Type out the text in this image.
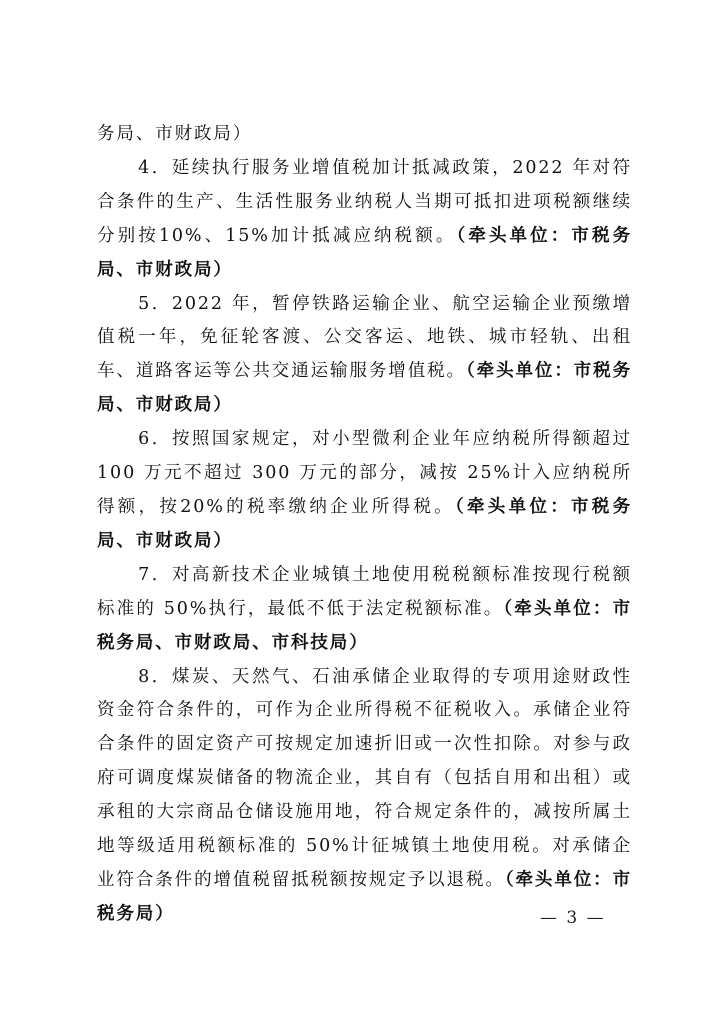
务局、市财政局）

4．延续执行服务业增值税加计抵减政策，2022 年对符合条件的生产、生活性服务业纳税人当期可抵扣进项税额继续分别按10%、15%加计抵减应纳税额。（牵头单位：市税务局、市财政局）

5．2022 年，暂停铁路运输企业、航空运输企业预缴增值税一年，免征轮客渡、公交客运、地铁、城市轻轨、出租车、道路客运等公共交通运输服务增值税。（牵头单位：市税务局、市财政局）

6．按照国家规定，对小型微利企业年应纳税所得额超过 100 万元不超过 300 万元的部分，减按 25%计入应纳税所得额，按20%的税率缴纳企业所得税。（牵头单位：市税务局、市财政局）

7．对高新技术企业城镇土地使用税税额标准按现行税额标准的 50%执行，最低不低于法定税额标准。（牵头单位：市税务局、市财政局、市科技局）

8．煤炭、天然气、石油承储企业取得的专项用途财政性资金符合条件的，可作为企业所得税不征税收入。承储企业符合条件的固定资产可按规定加速折旧或一次性扣除。对参与政府可调度煤炭储备的物流企业，其自有（包括自用和出租）或承租的大宗商品仓储设施用地，符合规定条件的，减按所属土地等级适用税额标准的 50%计征城镇土地使用税。对承储企业符合条件的增值税留抵税额按规定予以退税。（牵头单位：市税务局）	— 3 —
